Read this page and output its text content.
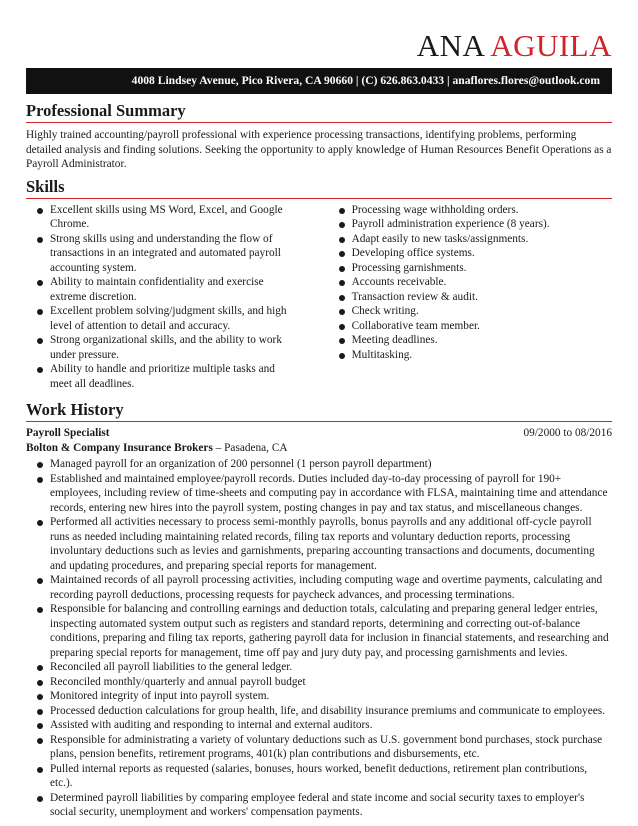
ANA AGUILA
4008 Lindsey Avenue, Pico Rivera, CA 90660 | (C) 626.863.0433 | anaflores.flores@outlook.com
Professional Summary
Highly trained accounting/payroll professional with experience processing transactions, identifying problems, performing detailed analysis and finding solutions. Seeking the opportunity to apply knowledge of Human Resources Benefit Operations as a Payroll Administrator.
Skills
Excellent skills using MS Word, Excel, and Google Chrome.
Strong skills using and understanding the flow of transactions in an integrated and automated payroll accounting system.
Ability to maintain confidentiality and exercise extreme discretion.
Excellent problem solving/judgment skills, and high level of attention to detail and accuracy.
Strong organizational skills, and the ability to work under pressure.
Ability to handle and prioritize multiple tasks and meet all deadlines.
Processing wage withholding orders.
Payroll administration experience (8 years).
Adapt easily to new tasks/assignments.
Developing office systems.
Processing garnishments.
Accounts receivable.
Transaction review & audit.
Check writing.
Collaborative team member.
Meeting deadlines.
Multitasking.
Work History
Payroll Specialist	09/2000 to 08/2016
Bolton & Company Insurance Brokers – Pasadena, CA
Managed payroll for an organization of 200 personnel (1 person payroll department)
Established and maintained employee/payroll records. Duties included day-to-day processing of payroll for 190+ employees, including review of time-sheets and computing pay in accordance with FLSA, maintaining time and attendance records, entering new hires into the payroll system, posting changes in pay and tax status, and miscellaneous changes.
Performed all activities necessary to process semi-monthly payrolls, bonus payrolls and any additional off-cycle payroll runs as needed including maintaining related records, filing tax reports and voluntary deduction reports, processing involuntary deductions such as levies and garnishments, preparing accounting transactions and documents, documenting and updating procedures, and preparing special reports for management.
Maintained records of all payroll processing activities, including computing wage and overtime payments, calculating and recording payroll deductions, processing requests for paycheck advances, and processing terminations.
Responsible for balancing and controlling earnings and deduction totals, calculating and preparing general ledger entries, inspecting automated system output such as registers and standard reports, determining and correcting out-of-balance conditions, preparing and filing tax reports, gathering payroll data for inclusion in financial statements, and researching and preparing special reports for management, time off pay and jury duty pay, and processing garnishments and levies.
Reconciled all payroll liabilities to the general ledger.
Reconciled monthly/quarterly and annual payroll budget
Monitored integrity of input into payroll system.
Processed deduction calculations for group health, life, and disability insurance premiums and communicate to employees.
Assisted with auditing and responding to internal and external auditors.
Responsible for administrating a variety of voluntary deductions such as U.S. government bond purchases, stock purchase plans, pension benefits, retirement programs, 401(k) plan contributions and disbursements, etc.
Pulled internal reports as requested (salaries, bonuses, hours worked, benefit deductions, retirement plan contributions, etc.).
Determined payroll liabilities by comparing employee federal and state income and social security taxes to employer's social security, unemployment and workers' compensation payments.
